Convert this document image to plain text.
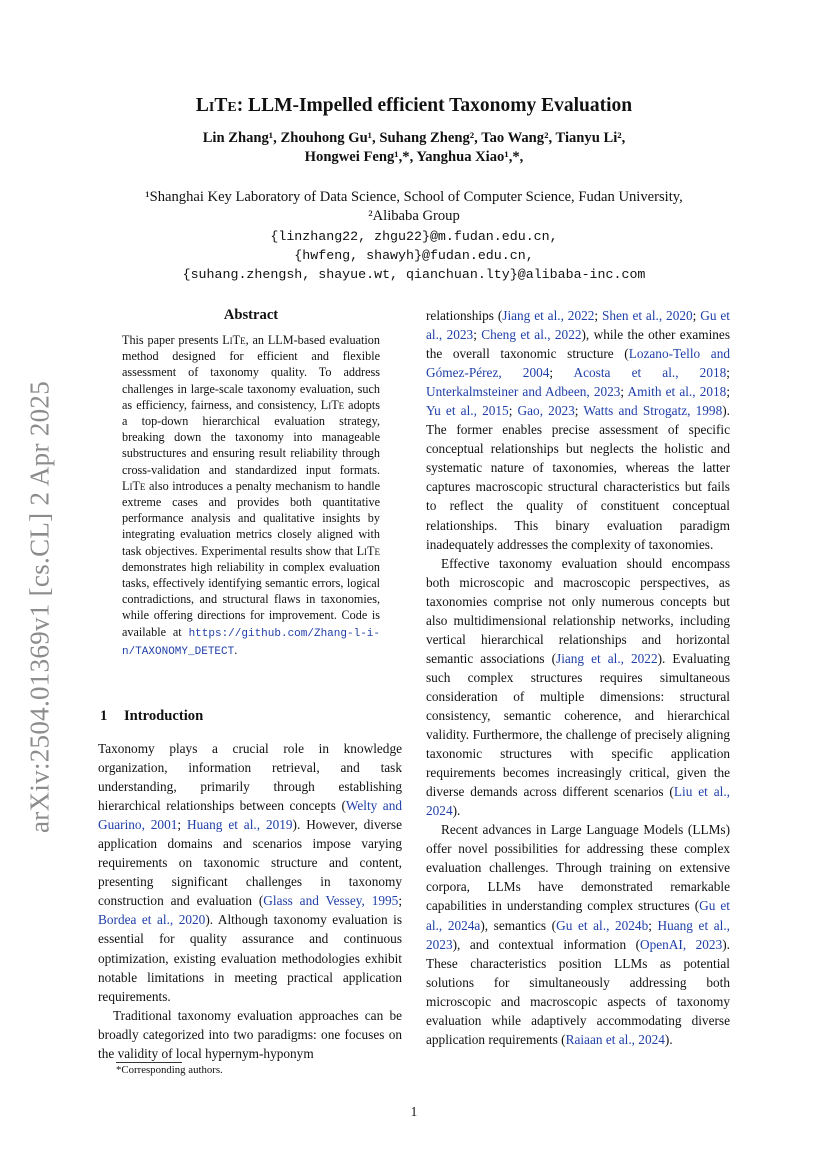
arXiv:2504.01369v1 [cs.CL] 2 Apr 2025
LiTe: LLM-Impelled efficient Taxonomy Evaluation
Lin Zhang¹, Zhouhong Gu¹, Suhang Zheng², Tao Wang², Tianyu Li²,
Hongwei Feng¹,*, Yanghua Xiao¹,*,
¹Shanghai Key Laboratory of Data Science, School of Computer Science, Fudan University,
²Alibaba Group
{linzhang22, zhgu22}@m.fudan.edu.cn,
{hwfeng, shawyh}@fudan.edu.cn,
{suhang.zhengsh, shayue.wt, qianchuan.lty}@alibaba-inc.com
Abstract
This paper presents LiTe, an LLM-based evaluation method designed for efficient and flexible assessment of taxonomy quality. To address challenges in large-scale taxonomy evaluation, such as efficiency, fairness, and consistency, LiTe adopts a top-down hierarchical evaluation strategy, breaking down the taxonomy into manageable substructures and ensuring result reliability through cross-validation and standardized input formats. LiTe also introduces a penalty mechanism to handle extreme cases and provides both quantitative performance analysis and qualitative insights by integrating evaluation metrics closely aligned with task objectives. Experimental results show that LiTe demonstrates high reliability in complex evaluation tasks, effectively identifying semantic errors, logical contradictions, and structural flaws in taxonomies, while offering directions for improvement. Code is available at https://github.com/Zhang-l-i-n/TAXONOMY_DETECT.
1 Introduction

Taxonomy plays a crucial role in knowledge organization, information retrieval, and task understanding, primarily through establishing hierarchical relationships between concepts (Welty and Guarino, 2001; Huang et al., 2019). However, diverse application domains and scenarios impose varying requirements on taxonomic structure and content, presenting significant challenges in taxonomy construction and evaluation (Glass and Vessey, 1995; Bordea et al., 2020). Although taxonomy evaluation is essential for quality assurance and continuous optimization, existing evaluation methodologies exhibit notable limitations in meeting practical application requirements.

Traditional taxonomy evaluation approaches can be broadly categorized into two paradigms: one focuses on the validity of local hypernym-hyponym

relationships (Jiang et al., 2022; Shen et al., 2020; Gu et al., 2023; Cheng et al., 2022), while the other examines the overall taxonomic structure (Lozano-Tello and Gómez-Pérez, 2004; Acosta et al., 2018; Unterkalmsteiner and Adbeen, 2023; Amith et al., 2018; Yu et al., 2015; Gao, 2023; Watts and Strogatz, 1998). The former enables precise assessment of specific conceptual relationships but neglects the holistic and systematic nature of taxonomies, whereas the latter captures macroscopic structural characteristics but fails to reflect the quality of constituent conceptual relationships. This binary evaluation paradigm inadequately addresses the complexity of taxonomies.

Effective taxonomy evaluation should encompass both microscopic and macroscopic perspectives, as taxonomies comprise not only numerous concepts but also multidimensional relationship networks, including vertical hierarchical relationships and horizontal semantic associations (Jiang et al., 2022). Evaluating such complex structures requires simultaneous consideration of multiple dimensions: structural consistency, semantic coherence, and hierarchical validity. Furthermore, the challenge of precisely aligning taxonomic structures with specific application requirements becomes increasingly critical, given the diverse demands across different scenarios (Liu et al., 2024).

Recent advances in Large Language Models (LLMs) offer novel possibilities for addressing these complex evaluation challenges. Through training on extensive corpora, LLMs have demonstrated remarkable capabilities in understanding complex structures (Gu et al., 2024a), semantics (Gu et al., 2024b; Huang et al., 2023), and contextual information (OpenAI, 2023). These characteristics position LLMs as potential solutions for simultaneously addressing both microscopic and macroscopic aspects of taxonomy evaluation while adaptively accommodating diverse application requirements (Raiaan et al., 2024).

*Corresponding authors.
1
